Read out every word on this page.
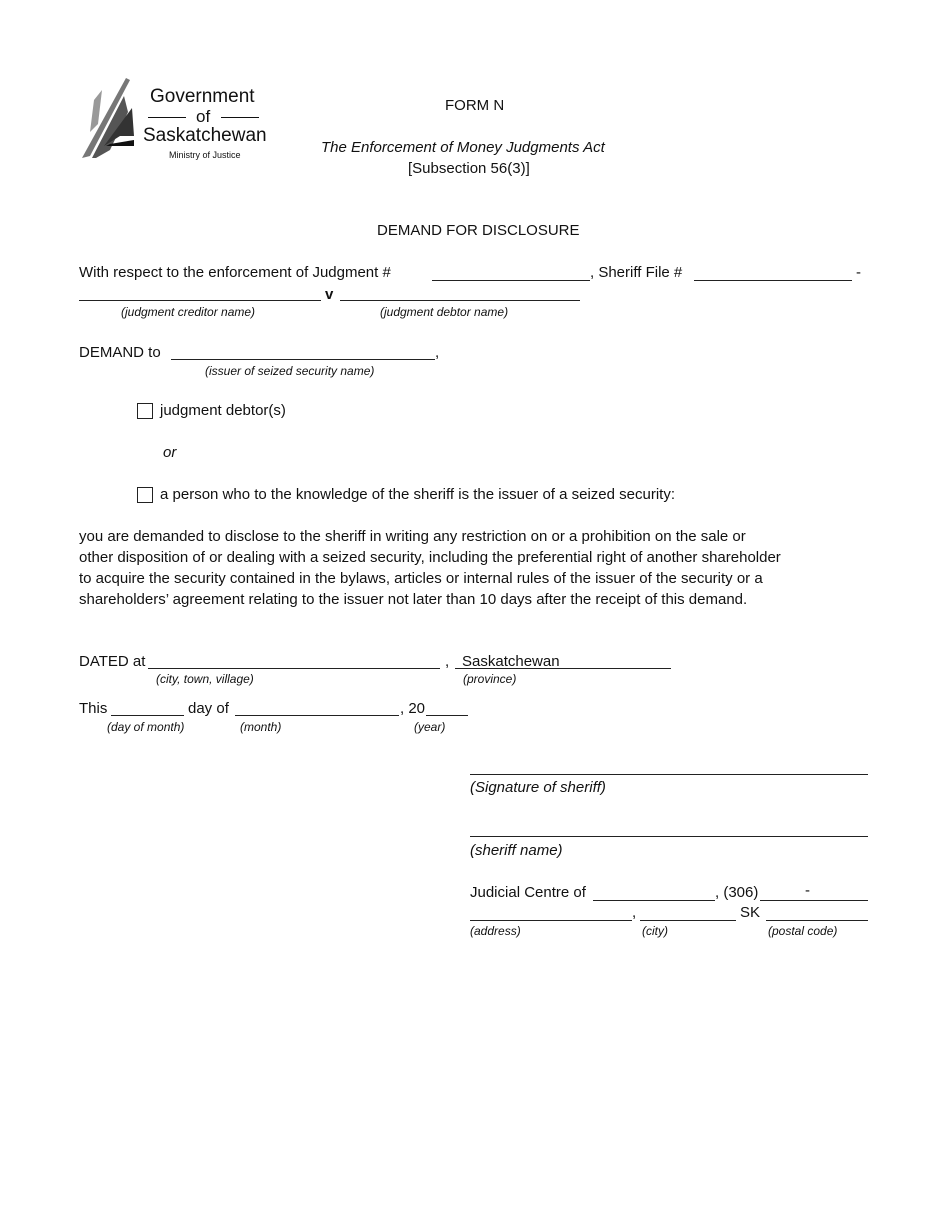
Government
of
Saskatchewan
Ministry of Justice
FORM N
The Enforcement of Money Judgments Act
[Subsection 56(3)]
DEMAND FOR DISCLOSURE
With respect to the enforcement of Judgment #	, Sheriff File #	-
v
(judgment creditor name)	(judgment debtor name)
DEMAND to	,
(issuer of seized security name)
judgment debtor(s)
or
a person who to the knowledge of the sheriff is the issuer of a seized security:
you are demanded to disclose to the sheriff in writing any restriction on or a prohibition on the sale or
other disposition of or dealing with a seized security, including the preferential right of another shareholder
to acquire the security contained in the bylaws, articles or internal rules of the issuer of the security or a
shareholders’ agreement relating to the issuer not later than 10 days after the receipt of this demand.
DATED at	, Saskatchewan
(city, town, village)	(province)
This	day of	, 20
(day of month)	(month)	(year)
(Signature of sheriff)
(sheriff name)
Judicial Centre of	, (306)	-
,	SK
(address)	(city)	(postal code)
